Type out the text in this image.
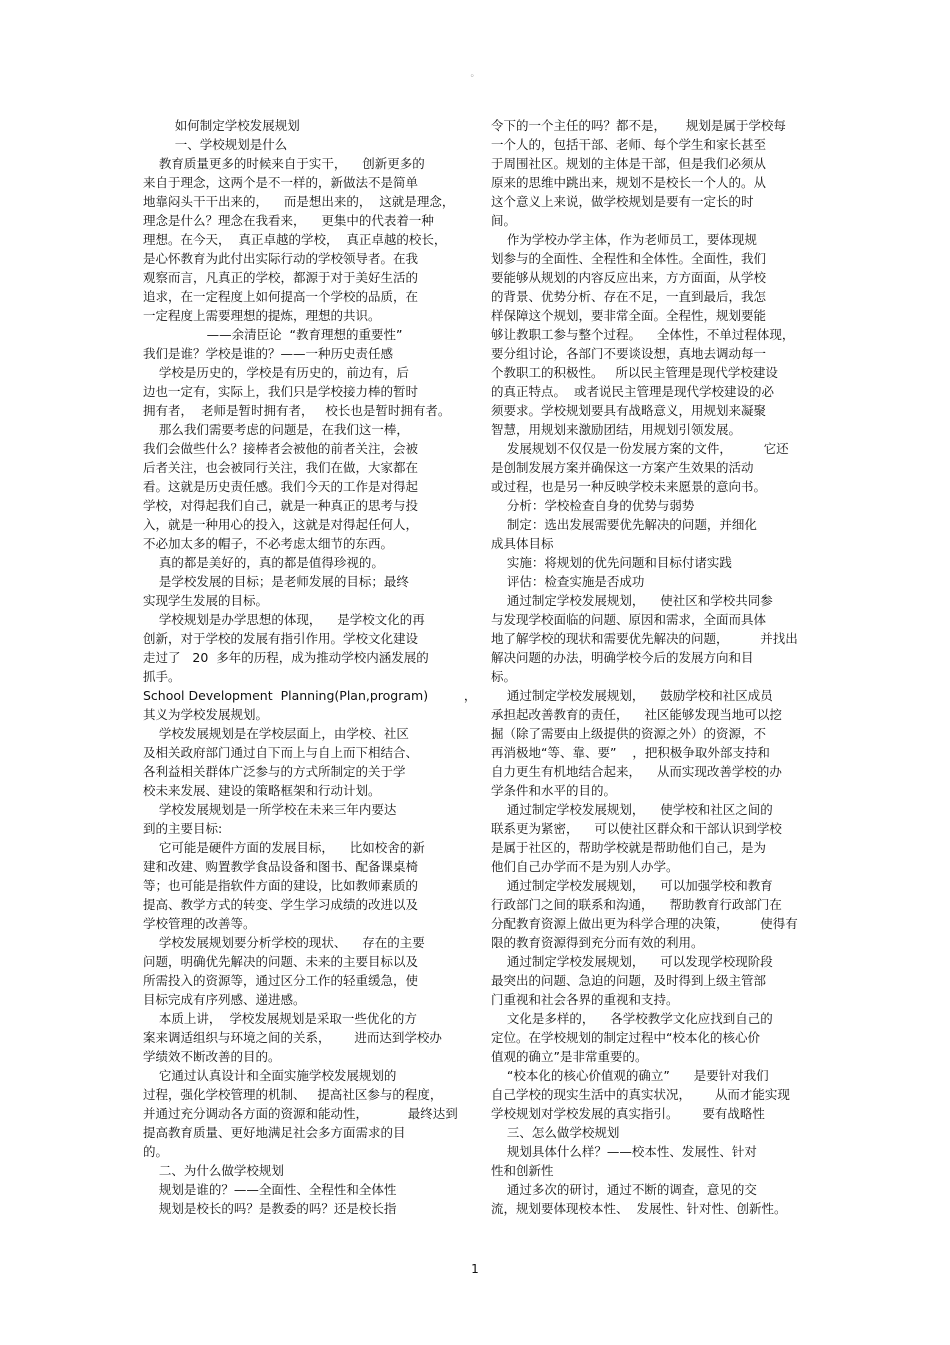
。
如何制定学校发展规划
一、学校规划是什么
教育质量更多的时候来自于实干，    创新更多的
来自于理念，这两个是不一样的，新做法不是简单
地靠闷头干干出来的，    而是想出来的，  这就是理念，
理念是什么？理念在我看来，    更集中的代表着一种
理想。在今天，  真正卓越的学校，  真正卓越的校长，
是心怀教育为此付出实际行动的学校领导者。在我
观察而言，凡真正的学校，都源于对于美好生活的
追求，在一定程度上如何提高一个学校的品质，在
一定程度上需要理想的提炼，理想的共识。
——余清臣论  “教育理想的重要性”
我们是谁？学校是谁的？——一种历史责任感
学校是历史的，学校是有历史的，前边有，后
边也一定有，实际上，我们只是学校接力棒的暂时
拥有者，  老师是暂时拥有者，   校长也是暂时拥有者。
那么我们需要考虑的问题是，在我们这一棒，
我们会做些什么？接棒者会被他的前者关注，会被
后者关注，也会被同行关注，我们在做，大家都在
看。这就是历史责任感。我们今天的工作是对得起
学校，对得起我们自己，就是一种真正的思考与投
入，就是一种用心的投入，这就是对得起任何人，
不必加太多的帽子，不必考虑太细节的东西。
真的都是美好的，真的都是值得珍视的。
是学校发展的目标；是老师发展的目标；最终
实现学生发展的目标。
学校规划是办学思想的体现，    是学校文化的再
创新，对于学校的发展有指引作用。学校文化建设
走过了   20  多年的历程，成为推动学校内涵发展的
抓手。
School Development  Planning(Plan,program)         ，
其义为学校发展规划。
学校发展规划是在学校层面上，由学校、社区
及相关政府部门通过自下而上与自上而下相结合、
各利益相关群体广泛参与的方式所制定的关于学
校未来发展、建设的策略框架和行动计划。
学校发展规划是一所学校在未来三年内要达
到的主要目标:
它可能是硬件方面的发展目标，    比如校舍的新
建和改建、购置教学食品设备和图书、配备课桌椅
等；也可能是指软件方面的建设，比如教师素质的
提高、教学方式的转变、学生学习成绩的改进以及
学校管理的改善等。
学校发展规划要分析学校的现状、    存在的主要
问题，明确优先解决的问题、未来的主要目标以及
所需投入的资源等，通过区分工作的轻重缓急，使
目标完成有序列感、递进感。
本质上讲，  学校发展规划是采取一些优化的方
案来调适组织与环境之间的关系，      进而达到学校办
学绩效不断改善的目的。
它通过认真设计和全面实施学校发展规划的
过程，强化学校管理的机制、   提高社区参与的程度，
并通过充分调动各方面的资源和能动性，          最终达到
提高教育质量、更好地满足社会多方面需求的目
的。
二、为什么做学校规划
规划是谁的？——全面性、全程性和全体性
规划是校长的吗？是教委的吗？还是校长指
令下的一个主任的吗？都不是，     规划是属于学校每
一个人的，包括干部、老师、每个学生和家长甚至
于周围社区。规划的主体是干部，但是我们必须从
原来的思维中跳出来，规划不是校长一个人的。从
这个意义上来说，做学校规划是要有一定长的时
间。
作为学校办学主体，作为老师员工，要体现规
划参与的全面性、全程性和全体性。全面性，我们
要能够从规划的内容反应出来，方方面面，从学校
的背景、优势分析、存在不足，一直到最后，我怎
样保障这个规划，要非常全面。全程性，规划要能
够让教职工参与整个过程。    全体性，不单过程体现，
要分组讨论，各部门不要谈设想，真地去调动每一
个教职工的积极性。   所以民主管理是现代学校建设
的真正特点。  或者说民主管理是现代学校建设的必
须要求。学校规划要具有战略意义，用规划来凝聚
智慧，用规划来激励团结，用规划引领发展。
发展规划不仅仅是一份发展方案的文件，        它还
是创制发展方案并确保这一方案产生效果的活动
或过程，也是另一种反映学校未来愿景的意向书。
分析：学校检查自身的优势与弱势
制定：选出发展需要优先解决的问题，并细化
成具体目标
实施：将规划的优先问题和目标付诸实践
评估：检查实施是否成功
通过制定学校发展规划，    使社区和学校共同参
与发现学校面临的问题、原因和需求，全面而具体
地了解学校的现状和需要优先解决的问题，        并找出
解决问题的办法，明确学校今后的发展方向和目
标。
通过制定学校发展规划，    鼓励学校和社区成员
承担起改善教育的责任，    社区能够发现当地可以挖
掘（除了需要由上级提供的资源之外）的资源，不
再消极地“等、靠、要”    ，把积极争取外部支持和
自力更生有机地结合起来，    从而实现改善学校的办
学条件和水平的目的。
通过制定学校发展规划，    使学校和社区之间的
联系更为紧密，    可以使社区群众和干部认识到学校
是属于社区的，帮助学校就是帮助他们自己，是为
他们自己办学而不是为别人办学。
通过制定学校发展规划，    可以加强学校和教育
行政部门之间的联系和沟通，    帮助教育行政部门在
分配教育资源上做出更为科学合理的决策，        使得有
限的教育资源得到充分而有效的利用。
通过制定学校发展规划，    可以发现学校现阶段
最突出的问题、急迫的问题，及时得到上级主管部
门重视和社会各界的重视和支持。
文化是多样的，    各学校教学文化应找到自己的
定位。在学校规划的制定过程中“校本化的核心价
值观的确立”是非常重要的。
“校本化的核心价值观的确立”      是要针对我们
自己学校的现实生活中的真实状况，      从而才能实现
学校规划对学校发展的真实指引。      要有战略性
三、怎么做学校规划
规划具体什么样？——校本性、发展性、针对
性和创新性
通过多次的研讨，通过不断的调查，意见的交
流，规划要体现校本性、  发展性、针对性、创新性。
1
